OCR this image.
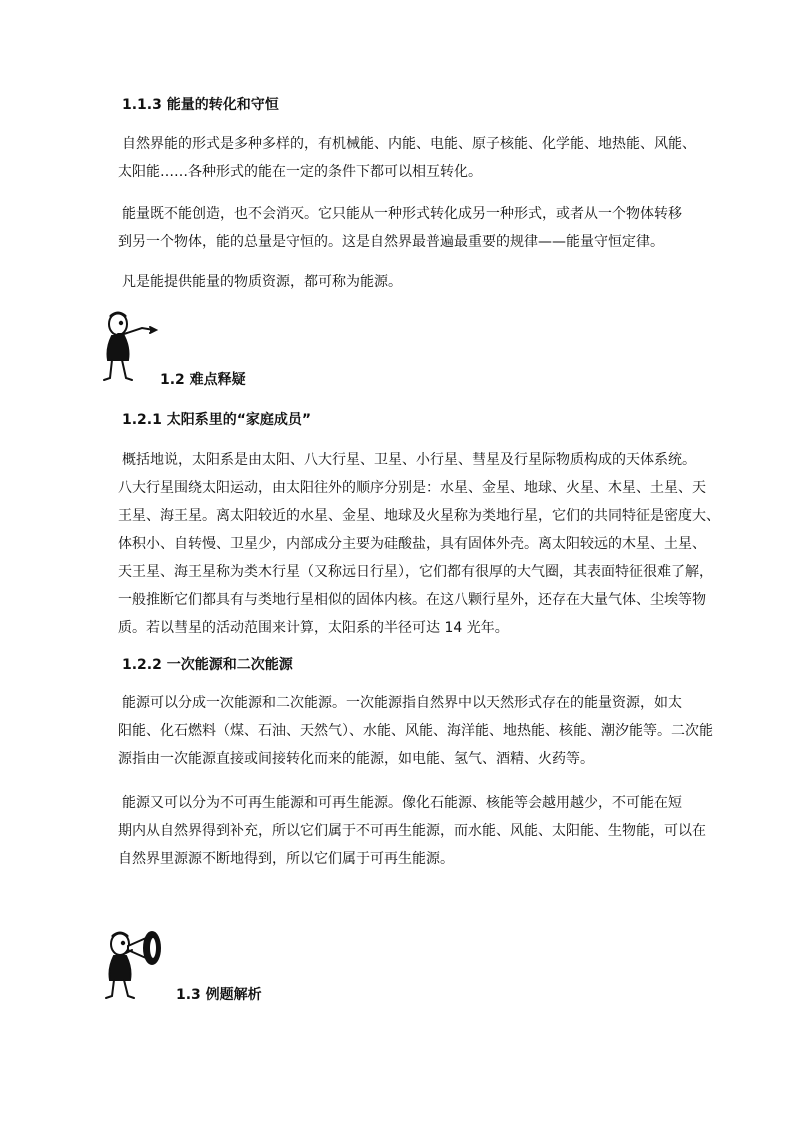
1.1.3 能量的转化和守恒
自然界能的形式是多种多样的，有机械能、内能、电能、原子核能、化学能、地热能、风能、
太阳能……各种形式的能在一定的条件下都可以相互转化。
能量既不能创造，也不会消灭。它只能从一种形式转化成另一种形式，或者从一个物体转移
到另一个物体，能的总量是守恒的。这是自然界最普遍最重要的规律——能量守恒定律。
凡是能提供能量的物质资源，都可称为能源。
1.2 难点释疑
1.2.1 太阳系里的“家庭成员”
概括地说，太阳系是由太阳、八大行星、卫星、小行星、彗星及行星际物质构成的天体系统。
八大行星围绕太阳运动，由太阳往外的顺序分别是：水星、金星、地球、火星、木星、土星、天
王星、海王星。离太阳较近的水星、金星、地球及火星称为类地行星，它们的共同特征是密度大、
体积小、自转慢、卫星少，内部成分主要为硅酸盐，具有固体外壳。离太阳较远的木星、土星、
天王星、海王星称为类木行星（又称远日行星），它们都有很厚的大气圈，其表面特征很难了解，
一般推断它们都具有与类地行星相似的固体内核。在这八颗行星外，还存在大量气体、尘埃等物
质。若以彗星的活动范围来计算，太阳系的半径可达 14 光年。
1.2.2 一次能源和二次能源
能源可以分成一次能源和二次能源。一次能源指自然界中以天然形式存在的能量资源，如太
阳能、化石燃料（煤、石油、天然气）、水能、风能、海洋能、地热能、核能、潮汐能等。二次能
源指由一次能源直接或间接转化而来的能源，如电能、氢气、酒精、火药等。
能源又可以分为不可再生能源和可再生能源。像化石能源、核能等会越用越少，不可能在短
期内从自然界得到补充，所以它们属于不可再生能源，而水能、风能、太阳能、生物能，可以在
自然界里源源不断地得到，所以它们属于可再生能源。
1.3 例题解析
